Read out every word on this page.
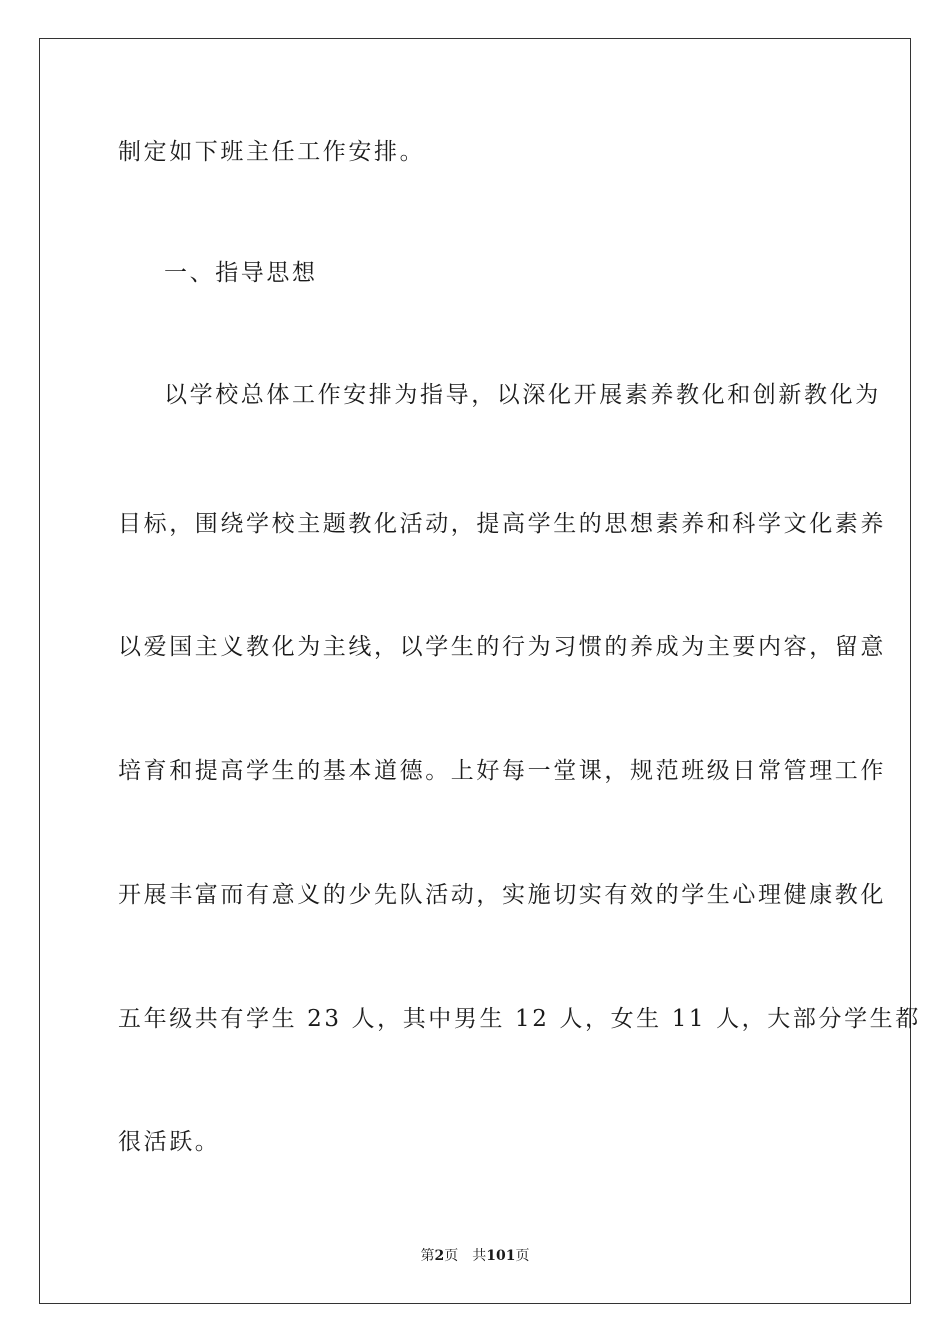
制定如下班主任工作安排。
一、指导思想
以学校总体工作安排为指导，以深化开展素养教化和创新教化为
目标，围绕学校主题教化活动，提高学生的思想素养和科学文化素养
以爱国主义教化为主线，以学生的行为习惯的养成为主要内容，留意
培育和提高学生的基本道德。上好每一堂课，规范班级日常管理工作
开展丰富而有意义的少先队活动，实施切实有效的学生心理健康教化
五年级共有学生 23 人，其中男生 12 人，女生 11 人，大部分学生都
很活跃。
第2页 共101页
